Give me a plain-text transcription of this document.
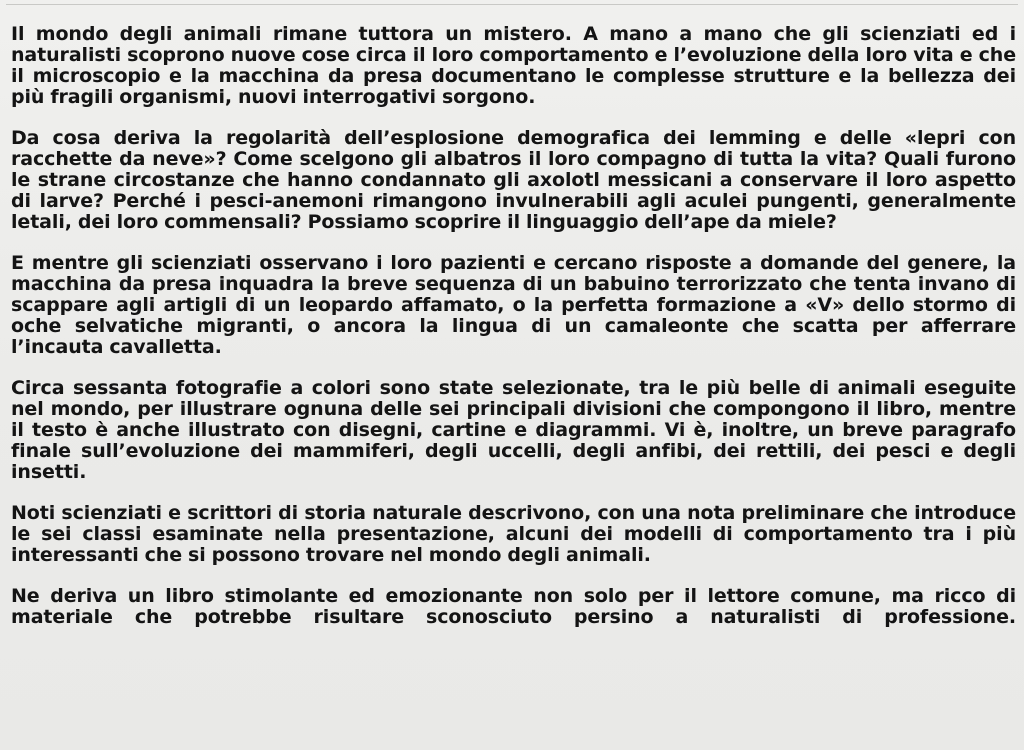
Il mondo degli animali rimane tuttora un mistero. A mano a mano che gli scienziati ed i naturalisti scoprono nuove cose circa il loro comportamento e l’evoluzione della loro vita e che il microscopio e la macchina da presa documentano le complesse strutture e la bellezza dei più fragili organismi, nuovi interrogativi sorgono.

Da cosa deriva la regolarità dell’esplosione demografica dei lemming e delle «lepri con racchette da neve»? Come scelgono gli albatros il loro compagno di tutta la vita? Quali furono le strane circostanze che hanno condannato gli axolotl messicani a conservare il loro aspetto di larve? Perché i pesci-anemoni rimangono invulnerabili agli aculei pungenti, generalmente letali, dei loro commensali? Possiamo scoprire il linguaggio dell’ape da miele?

E mentre gli scienziati osservano i loro pazienti e cercano risposte a domande del genere, la macchina da presa inquadra la breve sequenza di un babuino terrorizzato che tenta invano di scappare agli artigli di un leopardo affamato, o la perfetta formazione a «V» dello stormo di oche selvatiche migranti, o ancora la lingua di un camaleonte che scatta per afferrare l’incauta cavalletta.

Circa sessanta fotografie a colori sono state selezionate, tra le più belle di animali eseguite nel mondo, per illustrare ognuna delle sei principali divisioni che compongono il libro, mentre il testo è anche illustrato con disegni, cartine e diagrammi. Vi è, inoltre, un breve paragrafo finale sull’evoluzione dei mammiferi, degli uccelli, degli anfibi, dei rettili, dei pesci e degli insetti.

Noti scienziati e scrittori di storia naturale descrivono, con una nota preliminare che introduce le sei classi esaminate nella presentazione, alcuni dei modelli di comportamento tra i più interessanti che si possono trovare nel mondo degli animali.

Ne deriva un libro stimolante ed emozionante non solo per il lettore comune, ma ricco di materiale che potrebbe risultare sconosciuto persino a naturalisti di professione.
